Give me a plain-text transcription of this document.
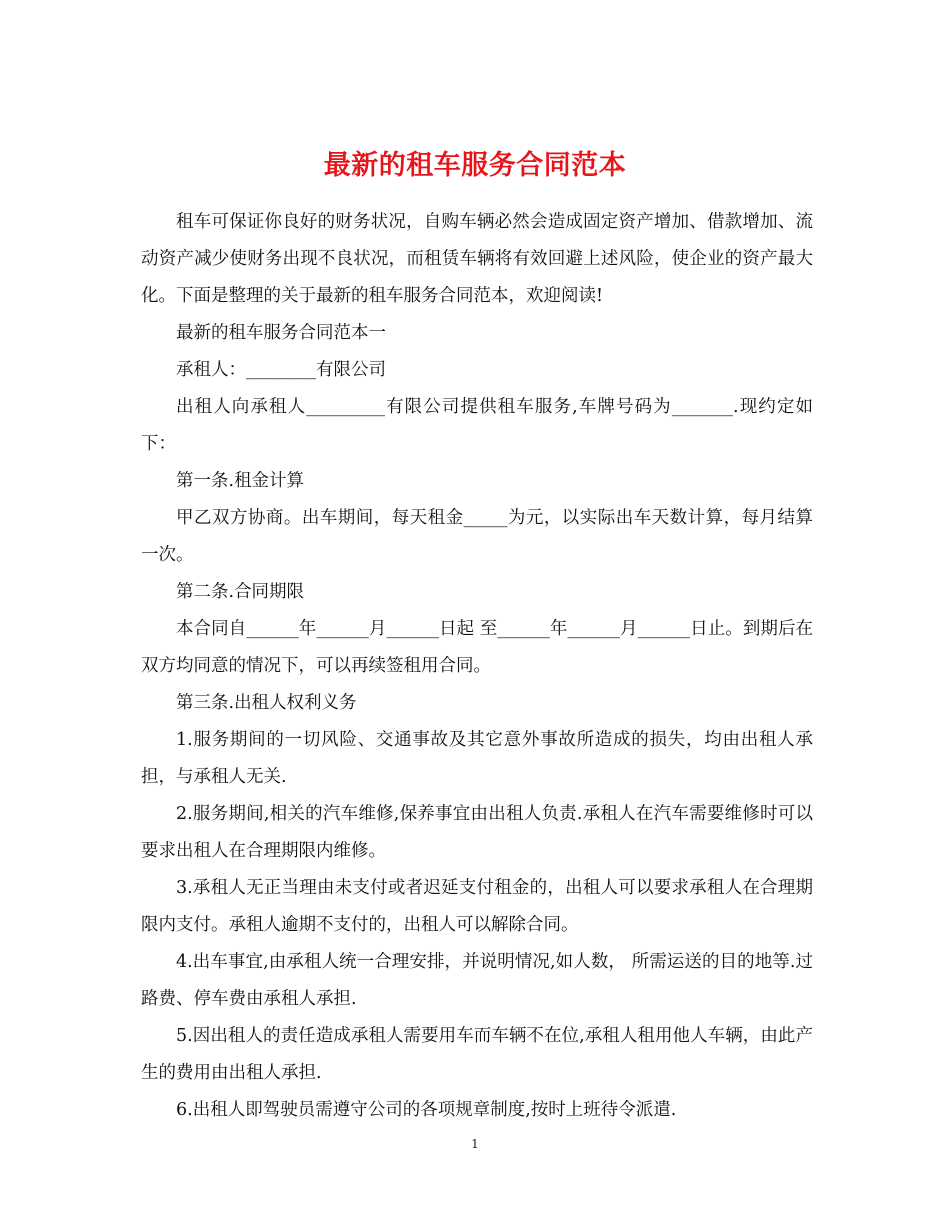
最新的租车服务合同范本

租车可保证你良好的财务状况，自购车辆必然会造成固定资产增加、借款增加、流动资产减少使财务出现不良状况，而租赁车辆将有效回避上述风险，使企业的资产最大化。下面是整理的关于最新的租车服务合同范本，欢迎阅读!

最新的租车服务合同范本一

承租人：________有限公司

出租人向承租人_________有限公司提供租车服务,车牌号码为_______.现约定如下：

第一条.租金计算

甲乙双方协商。出车期间，每天租金_____为元，以实际出车天数计算，每月结算一次。

第二条.合同期限

本合同自______年______月______日起 至______年______月______日止。到期后在双方均同意的情况下，可以再续签租用合同。

第三条.出租人权利义务

1.服务期间的一切风险、交通事故及其它意外事故所造成的损失，均由出租人承担，与承租人无关.

2.服务期间,相关的汽车维修,保养事宜由出租人负责.承租人在汽车需要维修时可以要求出租人在合理期限内维修。

3.承租人无正当理由未支付或者迟延支付租金的，出租人可以要求承租人在合理期限内支付。承租人逾期不支付的，出租人可以解除合同。

4.出车事宜,由承租人统一合理安排，并说明情况,如人数， 所需运送的目的地等.过路费、停车费由承租人承担.

5.因出租人的责任造成承租人需要用车而车辆不在位,承租人租用他人车辆，由此产生的费用由出租人承担.

6.出租人即驾驶员需遵守公司的各项规章制度,按时上班待令派遣.

1
